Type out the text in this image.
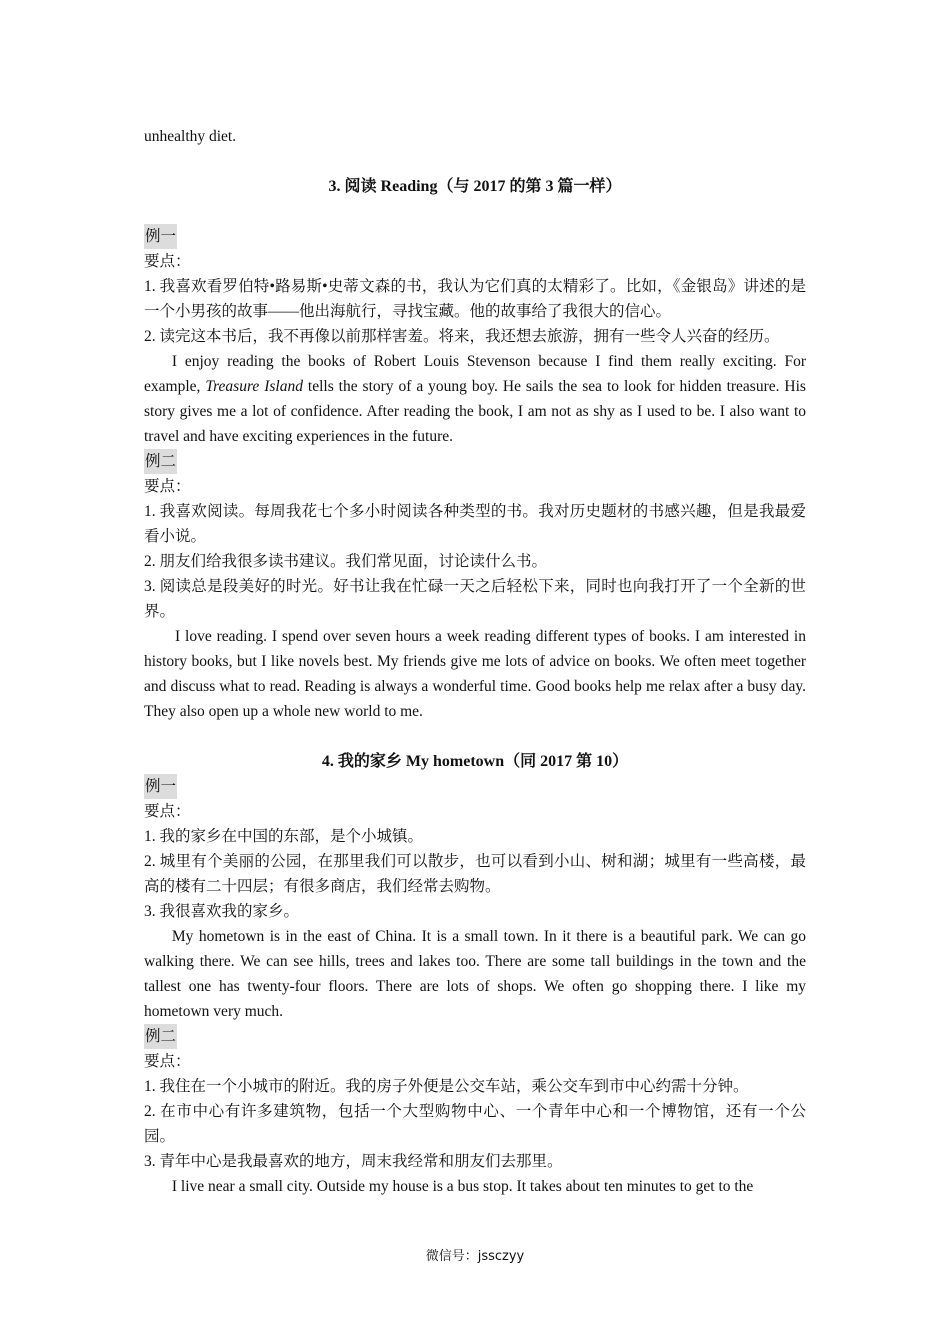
unhealthy diet.

3. 阅读 Reading（与 2017 的第 3 篇一样）

例一

要点：

1. 我喜欢看罗伯特•路易斯•史蒂文森的书，我认为它们真的太精彩了。比如，《金银岛》讲述的是一个小男孩的故事——他出海航行，寻找宝藏。他的故事给了我很大的信心。

2. 读完这本书后，我不再像以前那样害羞。将来，我还想去旅游，拥有一些令人兴奋的经历。

I enjoy reading the books of Robert Louis Stevenson because I find them really exciting. For example, Treasure Island tells the story of a young boy. He sails the sea to look for hidden treasure. His story gives me a lot of confidence. After reading the book, I am not as shy as I used to be. I also want to travel and have exciting experiences in the future.

例二

要点：

1. 我喜欢阅读。每周我花七个多小时阅读各种类型的书。我对历史题材的书感兴趣，但是我最爱看小说。

2. 朋友们给我很多读书建议。我们常见面，讨论读什么书。

3. 阅读总是段美好的时光。好书让我在忙碌一天之后轻松下来，同时也向我打开了一个全新的世界。

I love reading. I spend over seven hours a week reading different types of books. I am interested in history books, but I like novels best. My friends give me lots of advice on books. We often meet together and discuss what to read. Reading is always a wonderful time. Good books help me relax after a busy day. They also open up a whole new world to me.

4. 我的家乡 My hometown（同 2017 第 10）

例一

要点：

1. 我的家乡在中国的东部，是个小城镇。

2. 城里有个美丽的公园，在那里我们可以散步，也可以看到小山、树和湖；城里有一些高楼，最高的楼有二十四层；有很多商店，我们经常去购物。

3. 我很喜欢我的家乡。

My hometown is in the east of China. It is a small town. In it there is a beautiful park. We can go walking there. We can see hills, trees and lakes too. There are some tall buildings in the town and the tallest one has twenty-four floors. There are lots of shops. We often go shopping there. I like my hometown very much.

例二

要点：

1. 我住在一个小城市的附近。我的房子外便是公交车站，乘公交车到市中心约需十分钟。

2. 在市中心有许多建筑物，包括一个大型购物中心、一个青年中心和一个博物馆，还有一个公园。

3. 青年中心是我最喜欢的地方，周末我经常和朋友们去那里。

I live near a small city. Outside my house is a bus stop. It takes about ten minutes to get to the

微信号：jssczyy
